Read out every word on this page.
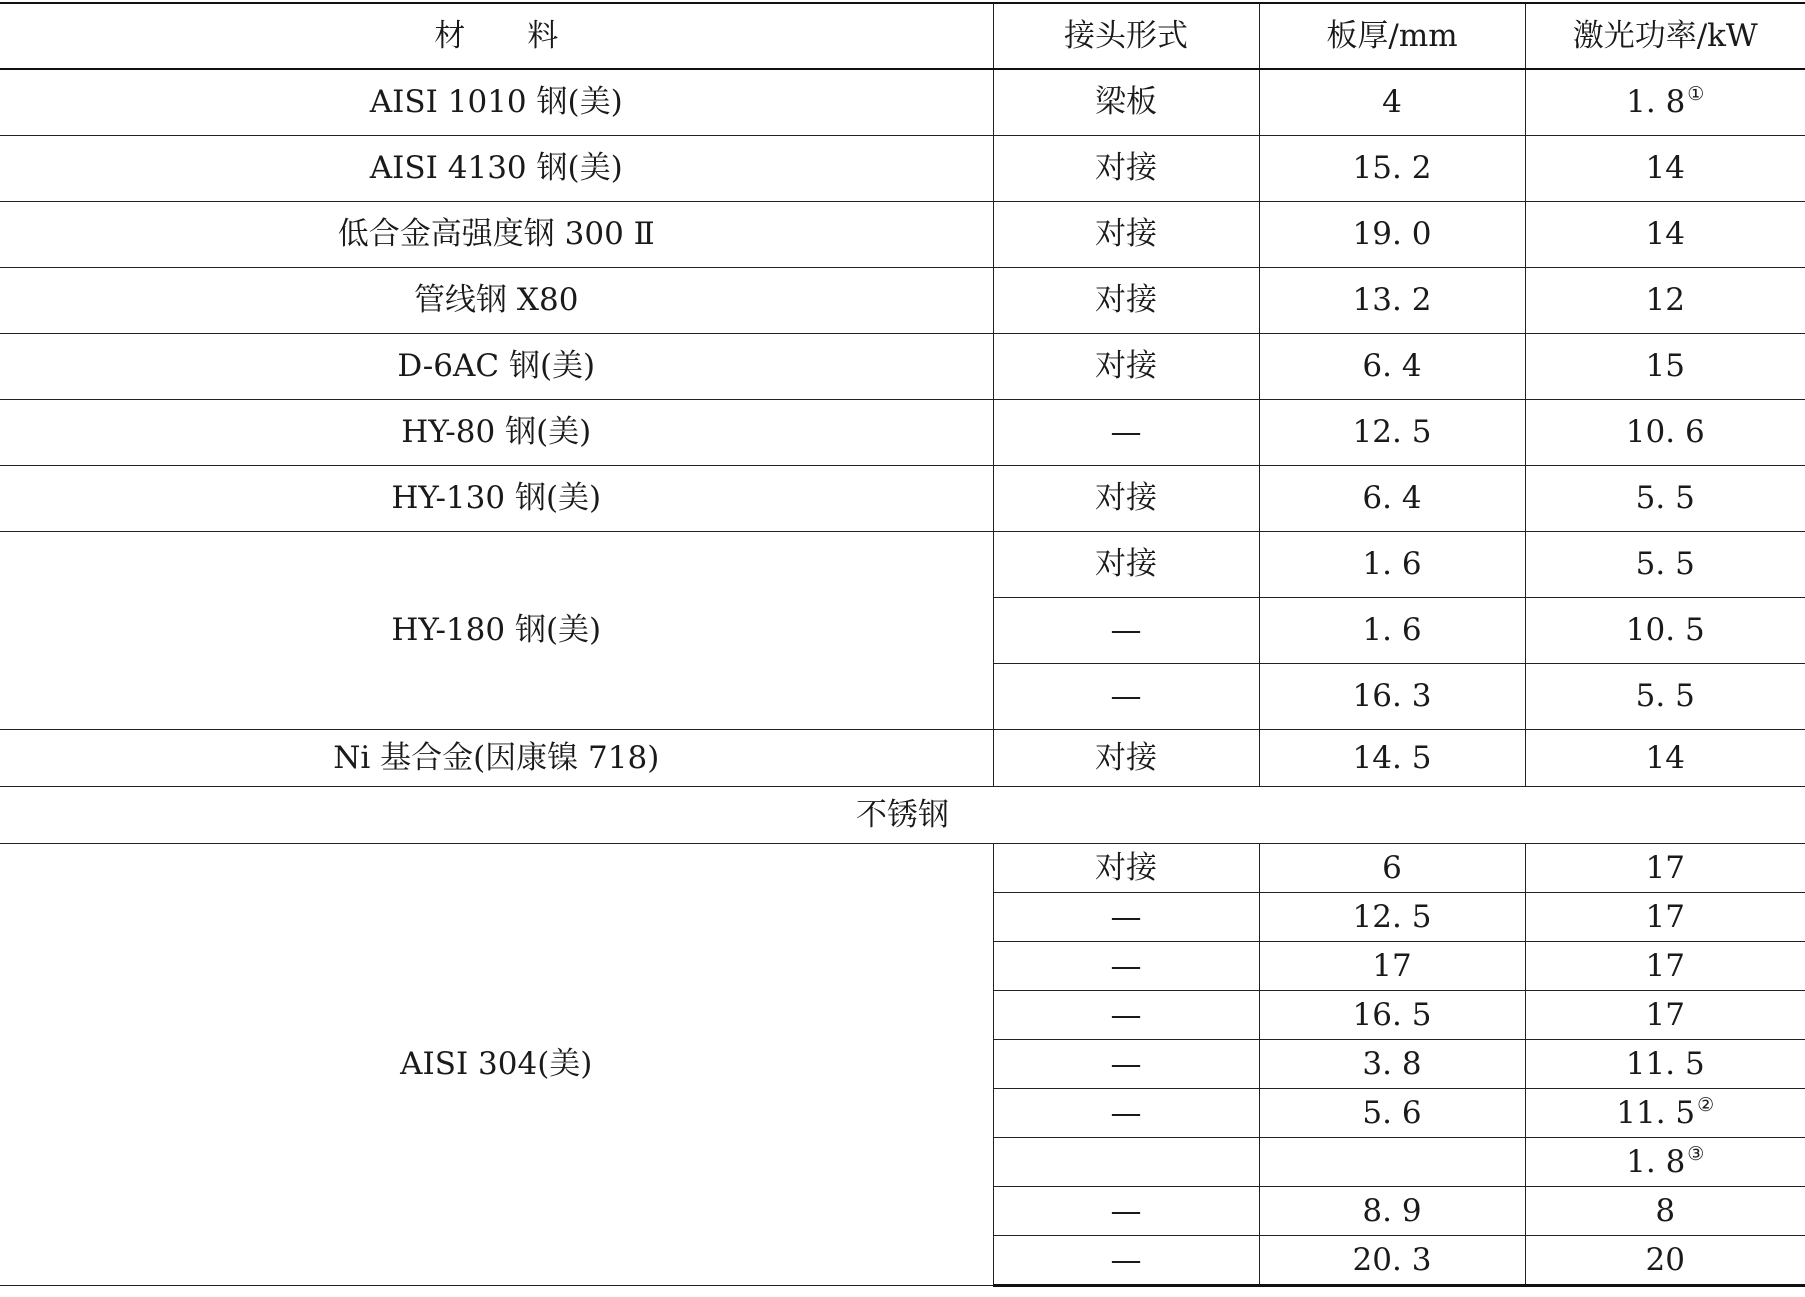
材　　料	接头形式	板厚/mm	激光功率/kW
AISI 1010 钢(美)	梁板	4	1. 8 ①
AISI 4130 钢(美)	对接	15. 2	14
低合金高强度钢 300 Ⅱ	对接	19. 0	14
管线钢 X80	对接	13. 2	12
D-6AC 钢(美)	对接	6. 4	15
HY-80 钢(美)	—	12. 5	10. 6
HY-130 钢(美)	对接	6. 4	5. 5
HY-180 钢(美)	对接	1. 6	5. 5
	—	1. 6	10. 5
	—	16. 3	5. 5
Ni 基合金(因康镍 718)	对接	14. 5	14
不锈钢			
AISI 304(美)	对接	6	17
	—	12. 5	17
	—	17	17
	—	16. 5	17
	—	3. 8	11. 5
	—	5. 6	11. 5 ②
			1. 8 ③
	—	8. 9	8
	—	20. 3	20
